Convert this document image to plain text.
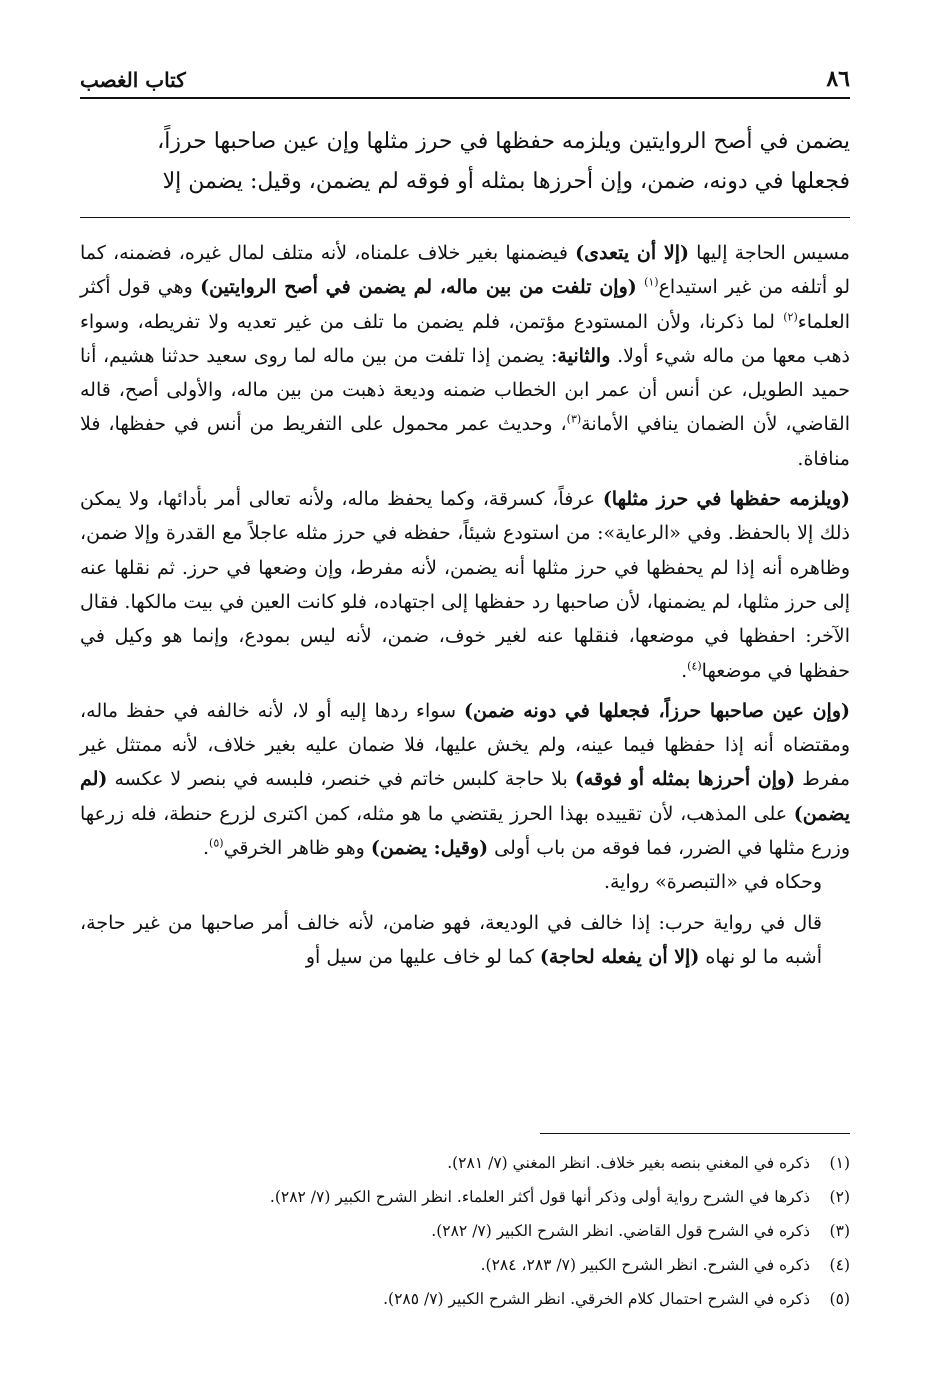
٨٦
كتاب الغصب

يضمن في أصح الروايتين ويلزمه حفظها في حرز مثلها وإن عين صاحبها حرزاً،

فجعلها في دونه، ضمن، وإن أحرزها بمثله أو فوقه لم يضمن، وقيل: يضمن إلا

مسيس الحاجة إليها (إلا أن يتعدى) فيضمنها بغير خلاف علمناه، لأنه متلف لمال غيره، فضمنه، كما لو أتلفه من غير استيداع$^{(١)}$ (وإن تلفت من بين ماله، لم يضمن في أصح الروايتين) وهي قول أكثر العلماء$^{(٢)}$ لما ذكرنا، ولأن المستودع مؤتمن، فلم يضمن ما تلف من غير تعديه ولا تفريطه، وسواء ذهب معها من ماله شيء أولا. والثانية: يضمن إذا تلفت من بين ماله لما روى سعيد حدثنا هشيم، أنا حميد الطويل، عن أنس أن عمر ابن الخطاب ضمنه وديعة ذهبت من بين ماله، والأولى أصح، قاله القاضي، لأن الضمان ينافي الأمانة$^{(٣)}$، وحديث عمر محمول على التفريط من أنس في حفظها، فلا منافاة.

(ويلزمه حفظها في حرز مثلها) عرفاً، كسرقة، وكما يحفظ ماله، ولأنه تعالى أمر بأدائها، ولا يمكن ذلك إلا بالحفظ. وفي «الرعاية»: من استودع شيئاً، حفظه في حرز مثله عاجلاً مع القدرة وإلا ضمن، وظاهره أنه إذا لم يحفظها في حرز مثلها أنه يضمن، لأنه مفرط، وإن وضعها في حرز. ثم نقلها عنه إلى حرز مثلها، لم يضمنها، لأن صاحبها رد حفظها إلى اجتهاده، فلو كانت العين في بيت مالكها. فقال الآخر: احفظها في موضعها، فنقلها عنه لغير خوف، ضمن، لأنه ليس بمودع، وإنما هو وكيل في حفظها في موضعها$^{(٤)}$.

(وإن عين صاحبها حرزاً، فجعلها في دونه ضمن) سواء ردها إليه أو لا، لأنه خالفه في حفظ ماله، ومقتضاه أنه إذا حفظها فيما عينه، ولم يخش عليها، فلا ضمان عليه بغير خلاف، لأنه ممتثل غير مفرط (وإن أحرزها بمثله أو فوقه) بلا حاجة كلبس خاتم في خنصر، فلبسه في بنصر لا عكسه (لم يضمن) على المذهب، لأن تقييده بهذا الحرز يقتضي ما هو مثله، كمن اكترى لزرع حنطة، فله زرعها وزرع مثلها في الضرر، فما فوقه من باب أولى (وقيل: يضمن) وهو ظاهر الخرقي$^{(٥)}$.

وحكاه في «التبصرة» رواية.

قال في رواية حرب: إذا خالف في الوديعة، فهو ضامن، لأنه خالف أمر صاحبها من غير حاجة، أشبه ما لو نهاه (إلا أن يفعله لحاجة) كما لو خاف عليها من سيل أو

(١)
ذكره في المغني بنصه بغير خلاف. انظر المغني (٧/ ٢٨١).
(٢)
ذكرها في الشرح رواية أولى وذكر أنها قول أكثر العلماء. انظر الشرح الكبير (٧/ ٢٨٢).
(٣)
ذكره في الشرح قول القاضي. انظر الشرح الكبير (٧/ ٢٨٢).
(٤)
ذكره في الشرح. انظر الشرح الكبير (٧/ ٢٨٣، ٢٨٤).
(٥)
ذكره في الشرح احتمال كلام الخرقي. انظر الشرح الكبير (٧/ ٢٨٥).
